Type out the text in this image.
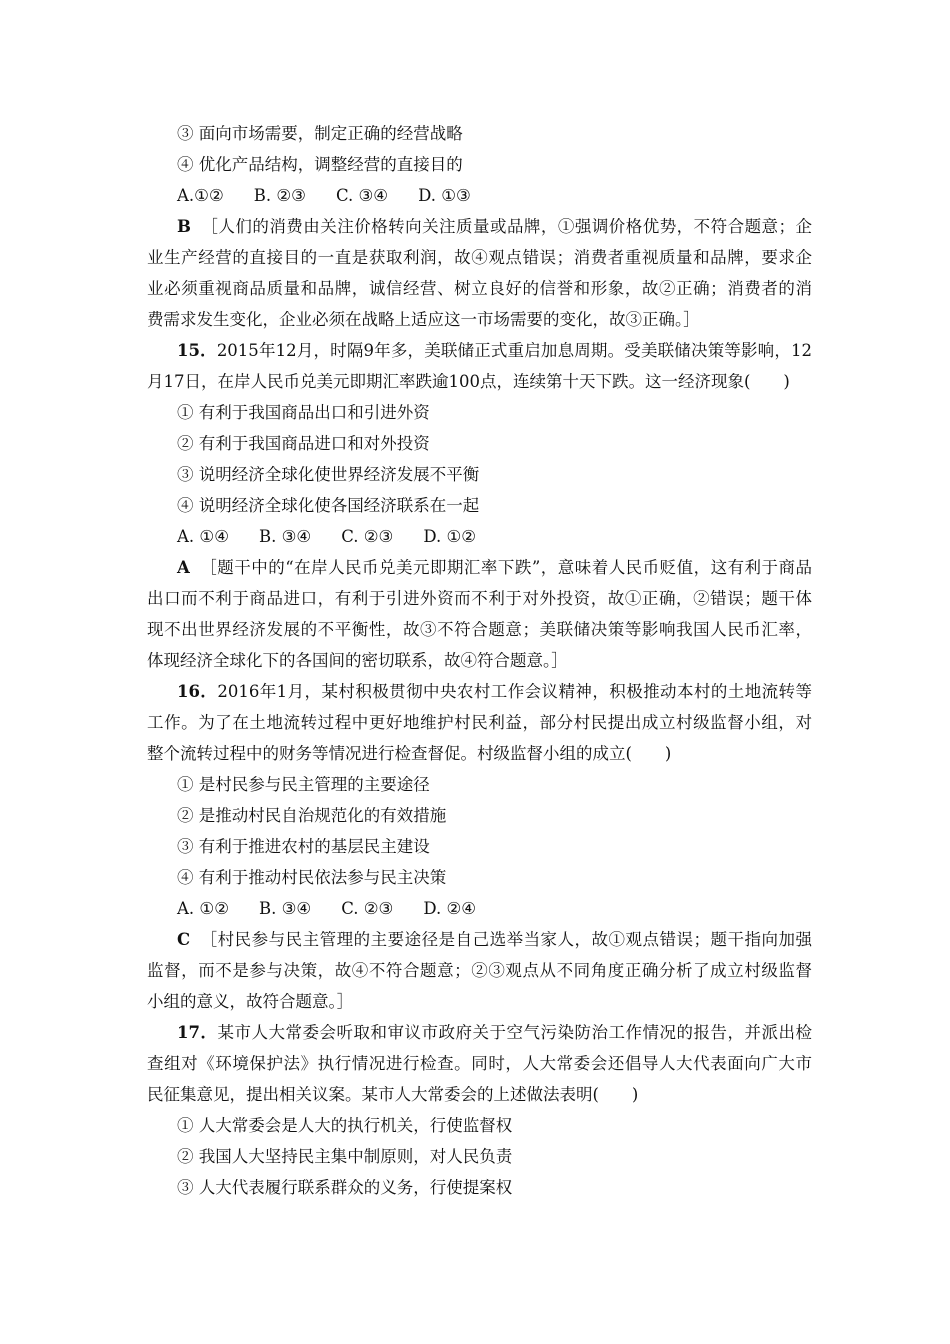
③ 面向市场需要，制定正确的经营战略
④ 优化产品结构，调整经营的直接目的
A.①② B. ②③ C. ③④ D. ①③
B ［人们的消费由关注价格转向关注质量或品牌，①强调价格优势，不符合题意；企
业生产经营的直接目的一直是获取利润，故④观点错误；消费者重视质量和品牌，要求企
业必须重视商品质量和品牌，诚信经营、树立良好的信誉和形象，故②正确；消费者的消
费需求发生变化，企业必须在战略上适应这一市场需要的变化，故③正确。］
15．2015年12月，时隔9年多，美联储正式重启加息周期。受美联储决策等影响，12
月17日，在岸人民币兑美元即期汇率跌逾100点，连续第十天下跌。这一经济现象(　　)
① 有利于我国商品出口和引进外资
② 有利于我国商品进口和对外投资
③ 说明经济全球化使世界经济发展不平衡
④ 说明经济全球化使各国经济联系在一起
A. ①④ B. ③④ C. ②③ D. ①②
A ［题干中的“在岸人民币兑美元即期汇率下跌”，意味着人民币贬值，这有利于商品
出口而不利于商品进口，有利于引进外资而不利于对外投资，故①正确，②错误；题干体
现不出世界经济发展的不平衡性，故③不符合题意；美联储决策等影响我国人民币汇率，
体现经济全球化下的各国间的密切联系，故④符合题意。］
16．2016年1月，某村积极贯彻中央农村工作会议精神，积极推动本村的土地流转等
工作。为了在土地流转过程中更好地维护村民利益，部分村民提出成立村级监督小组，对
整个流转过程中的财务等情况进行检查督促。村级监督小组的成立(　　)
① 是村民参与民主管理的主要途径
② 是推动村民自治规范化的有效措施
③ 有利于推进农村的基层民主建设
④ 有利于推动村民依法参与民主决策
A. ①② B. ③④ C. ②③ D. ②④
C ［村民参与民主管理的主要途径是自己选举当家人，故①观点错误；题干指向加强
监督，而不是参与决策，故④不符合题意；②③观点从不同角度正确分析了成立村级监督
小组的意义，故符合题意。］
17．某市人大常委会听取和审议市政府关于空气污染防治工作情况的报告，并派出检
查组对《环境保护法》执行情况进行检查。同时，人大常委会还倡导人大代表面向广大市
民征集意见，提出相关议案。某市人大常委会的上述做法表明(　　)
① 人大常委会是人大的执行机关，行使监督权
② 我国人大坚持民主集中制原则，对人民负责
③ 人大代表履行联系群众的义务，行使提案权
